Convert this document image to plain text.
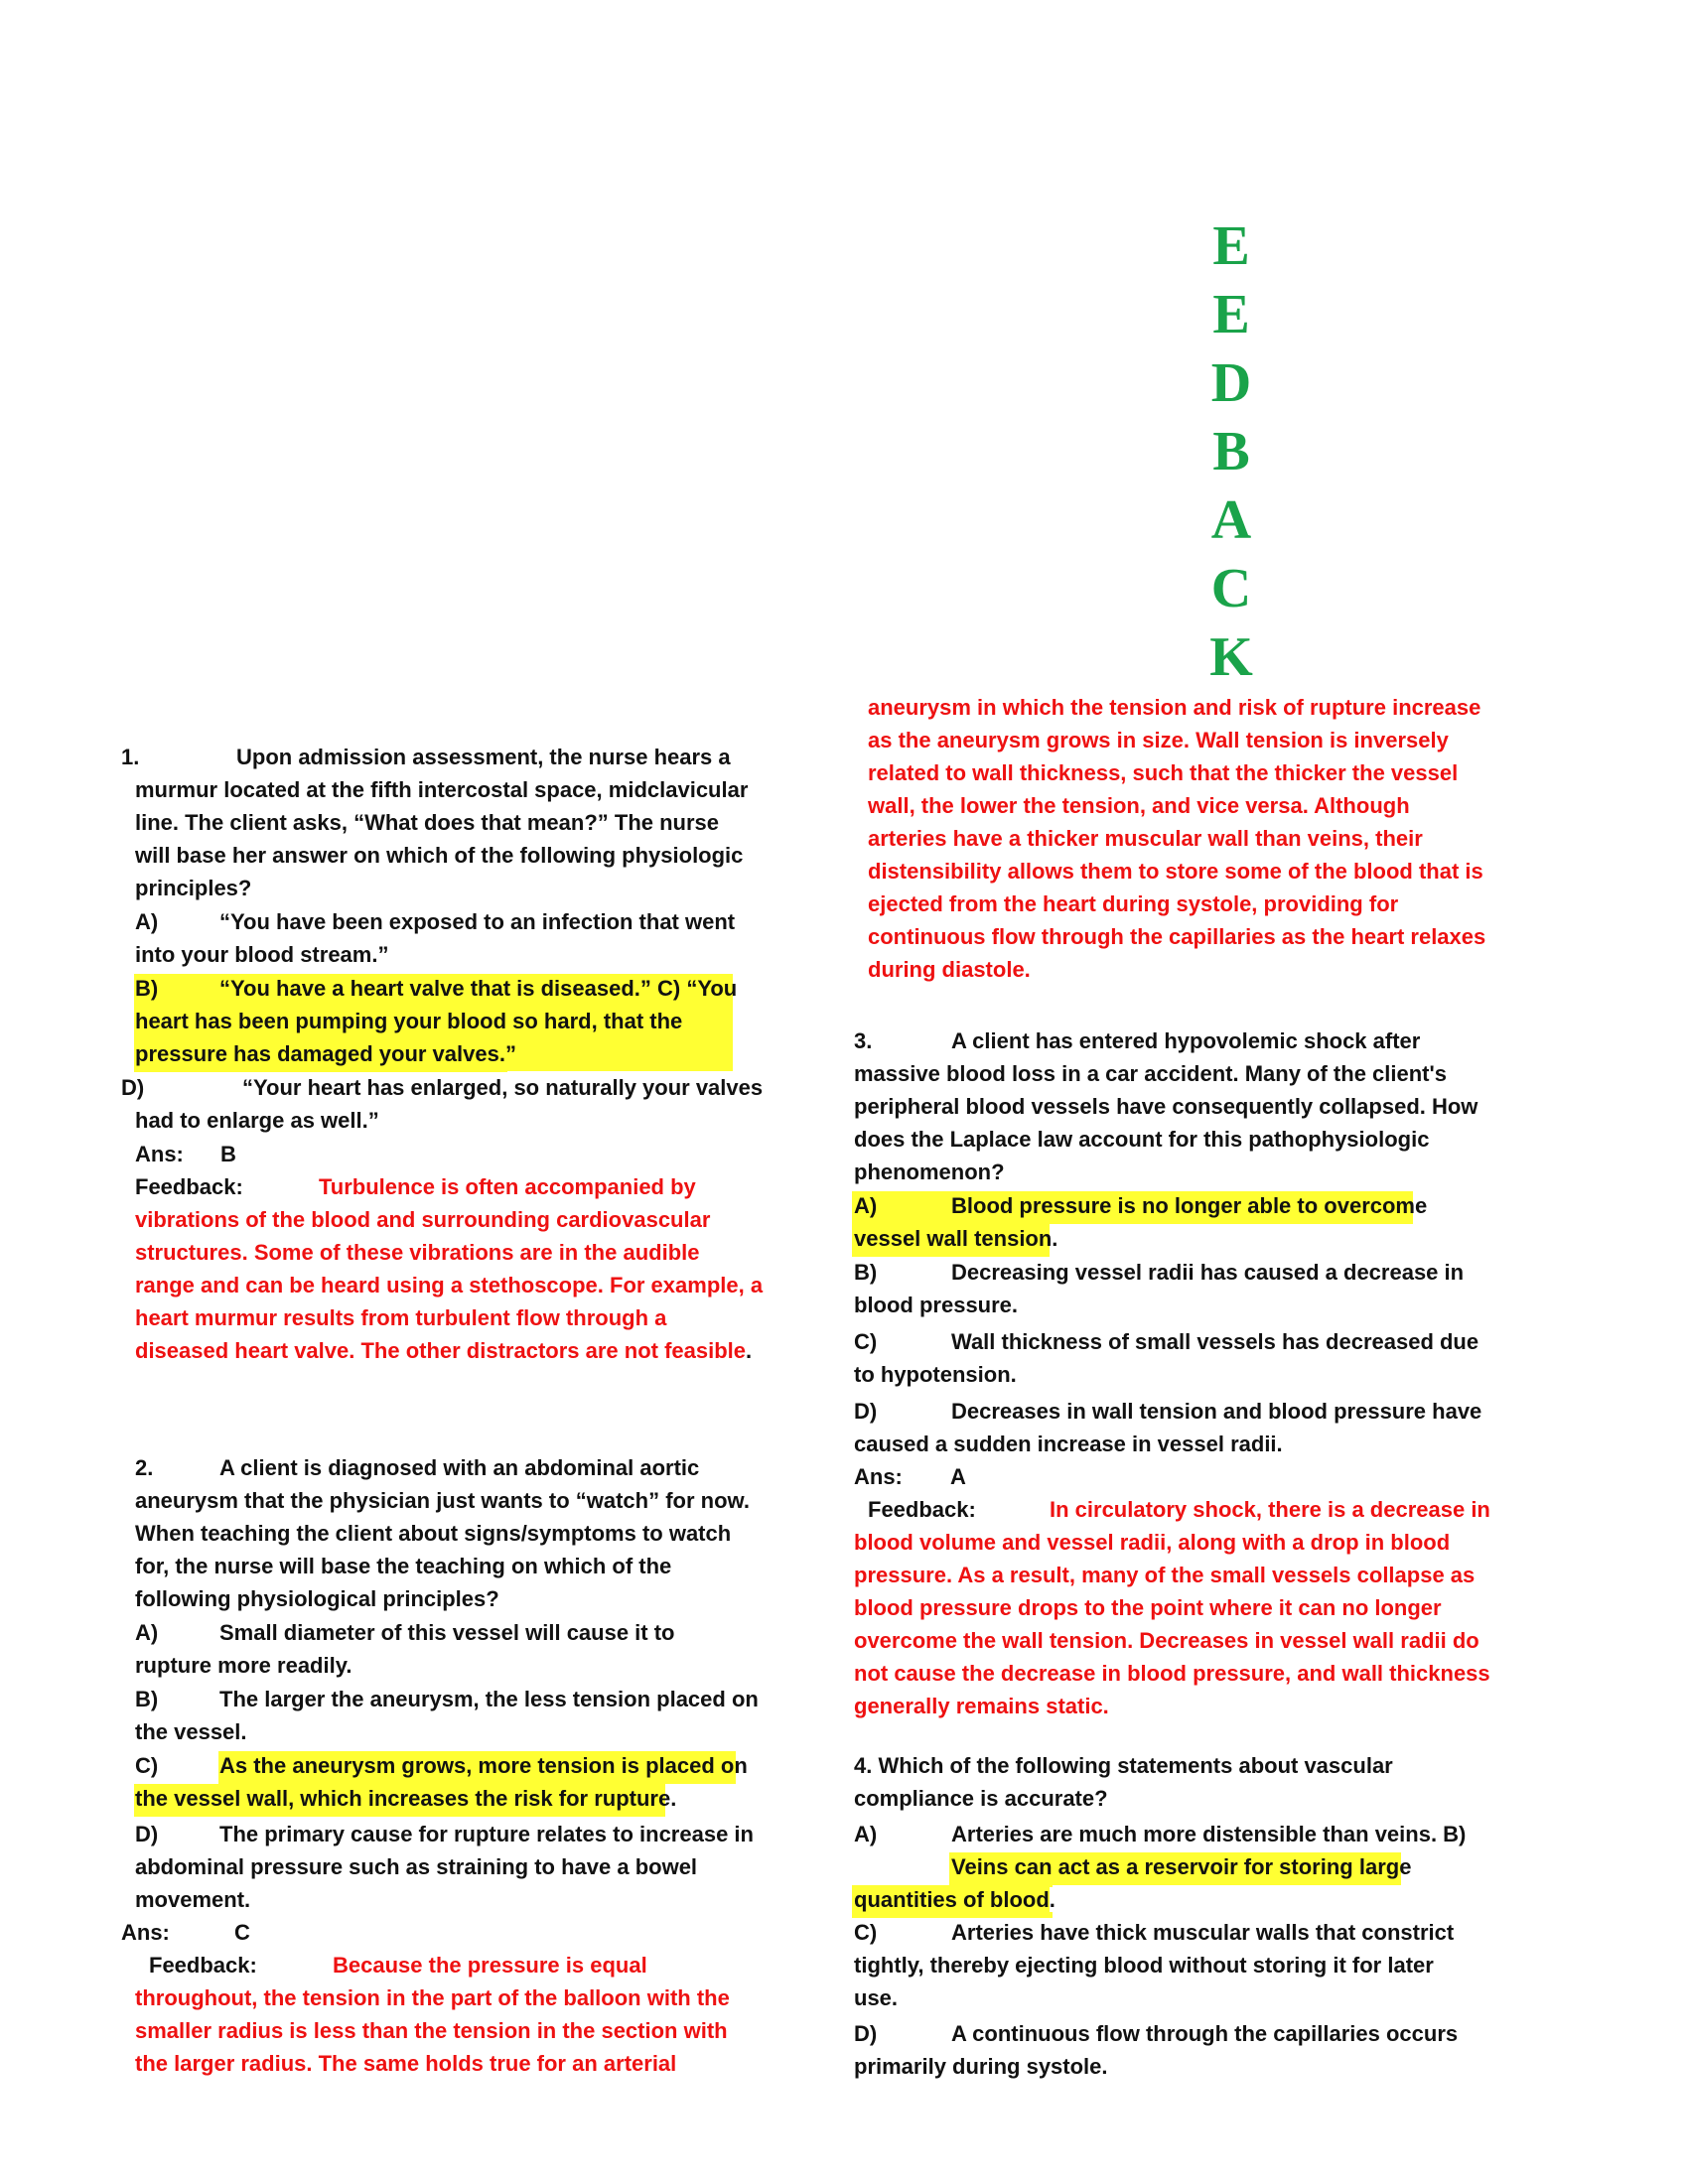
E
E
D
B
A
C
K
1.	Upon admission assessment, the nurse hears a
murmur located at the fifth intercostal space, midclavicular
line. The client asks, “What does that mean?” The nurse
will base her answer on which of the following physiologic
principles?
A)	“You have been exposed to an infection that went
into your blood stream.”
B)	“You have a heart valve that is diseased.” C) “You
heart has been pumping your blood so hard, that the
pressure has damaged your valves.”
D)	“Your heart has enlarged, so naturally your valves
had to enlarge as well.”
Ans: B
Feedback:	Turbulence is often accompanied by
vibrations of the blood and surrounding cardiovascular
structures. Some of these vibrations are in the audible
range and can be heard using a stethoscope. For example, a
heart murmur results from turbulent flow through a
diseased heart valve. The other distractors are not feasible.
2.	A client is diagnosed with an abdominal aortic
aneurysm that the physician just wants to “watch” for now.
When teaching the client about signs/symptoms to watch
for, the nurse will base the teaching on which of the
following physiological principles?
A)	Small diameter of this vessel will cause it to
rupture more readily.
B)	The larger the aneurysm, the less tension placed on
the vessel.
C)	As the aneurysm grows, more tension is placed on
the vessel wall, which increases the risk for rupture.
D)	The primary cause for rupture relates to increase in
abdominal pressure such as straining to have a bowel
movement.
Ans:	C
Feedback:	Because the pressure is equal
throughout, the tension in the part of the balloon with the
smaller radius is less than the tension in the section with
the larger radius. The same holds true for an arterial
aneurysm in which the tension and risk of rupture increase
as the aneurysm grows in size. Wall tension is inversely
related to wall thickness, such that the thicker the vessel
wall, the lower the tension, and vice versa. Although
arteries have a thicker muscular wall than veins, their
distensibility allows them to store some of the blood that is
ejected from the heart during systole, providing for
continuous flow through the capillaries as the heart relaxes
during diastole.
3.	A client has entered hypovolemic shock after
massive blood loss in a car accident. Many of the client's
peripheral blood vessels have consequently collapsed. How
does the Laplace law account for this pathophysiologic
phenomenon?
A)	Blood pressure is no longer able to overcome
vessel wall tension.
B)	Decreasing vessel radii has caused a decrease in
blood pressure.
C)	Wall thickness of small vessels has decreased due
to hypotension.
D)	Decreases in wall tension and blood pressure have
caused a sudden increase in vessel radii.
Ans: A
Feedback:	In circulatory shock, there is a decrease in
blood volume and vessel radii, along with a drop in blood
pressure. As a result, many of the small vessels collapse as
blood pressure drops to the point where it can no longer
overcome the wall tension. Decreases in vessel wall radii do
not cause the decrease in blood pressure, and wall thickness
generally remains static.
4. Which of the following statements about vascular
compliance is accurate?
A)	Arteries are much more distensible than veins. B)
Veins can act as a reservoir for storing large
quantities of blood.
C)	Arteries have thick muscular walls that constrict
tightly, thereby ejecting blood without storing it for later
use.
D)	A continuous flow through the capillaries occurs
primarily during systole.
